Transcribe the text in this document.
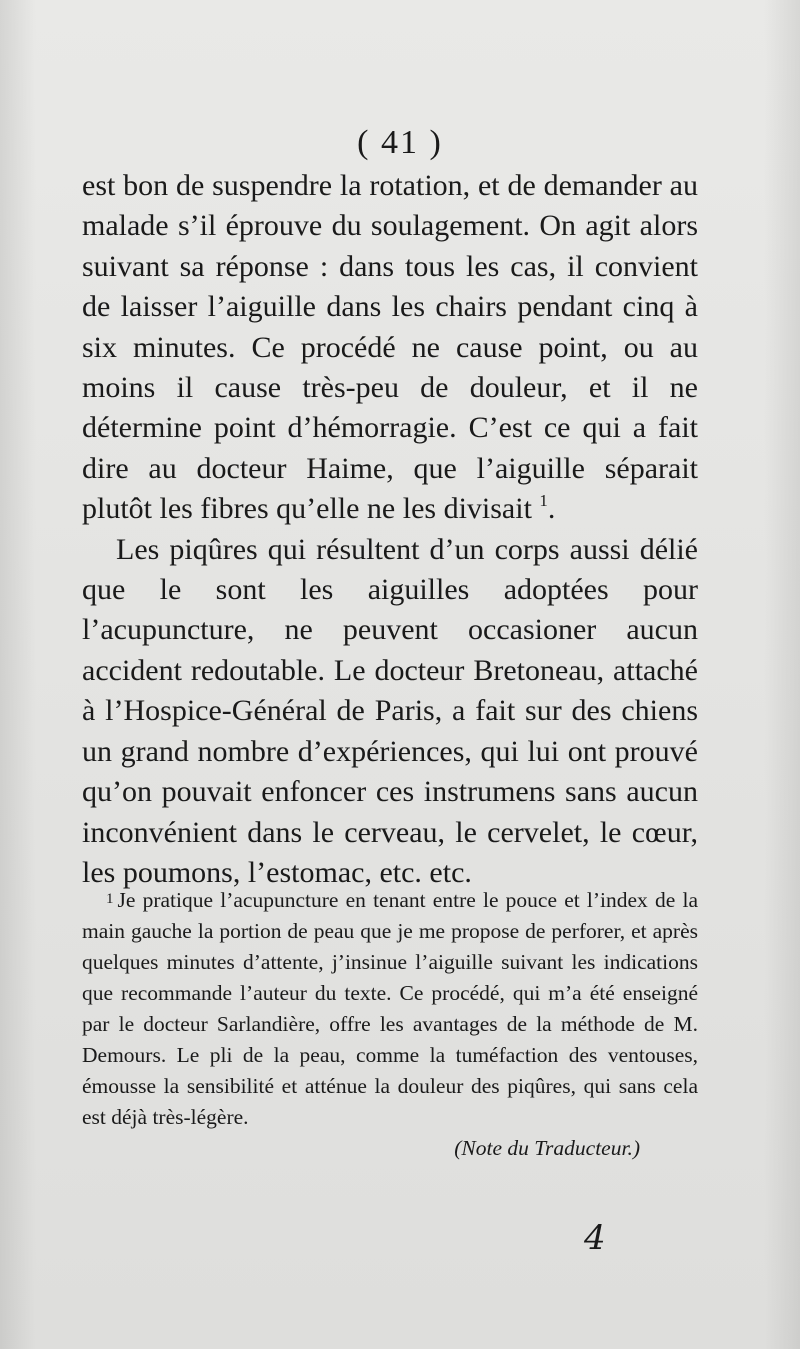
( 41 )

est bon de suspendre la rotation, et de demander au malade s’il éprouve du soulagement. On agit alors suivant sa réponse : dans tous les cas, il convient de laisser l’aiguille dans les chairs pendant cinq à six minutes. Ce procédé ne cause point, ou au moins il cause très-peu de douleur, et il ne détermine point d’hémorragie. C’est ce qui a fait dire au docteur Haime, que l’aiguille séparait plutôt les fibres qu’elle ne les divisait $^1$.

Les piqûres qui résultent d’un corps aussi délié que le sont les aiguilles adoptées pour l’acupuncture, ne peuvent occasioner aucun accident redoutable. Le docteur Bretoneau, attaché à l’Hospice-Général de Paris, a fait sur des chiens un grand nombre d’expériences, qui lui ont prouvé qu’on pouvait enfoncer ces instrumens sans aucun inconvénient dans le cerveau, le cervelet, le cœur, les poumons, l’estomac, etc. etc.

1 Je pratique l’acupuncture en tenant entre le pouce et l’index de la main gauche la portion de peau que je me propose de perforer, et après quelques minutes d’attente, j’insinue l’aiguille suivant les indications que recommande l’auteur du texte. Ce procédé, qui m’a été enseigné par le docteur Sarlandière, offre les avantages de la méthode de M. Demours. Le pli de la peau, comme la tuméfaction des ventouses, émousse la sensibilité et atténue la douleur des piqûres, qui sans cela est déjà très-légère.

(Note du Traducteur.)

4
